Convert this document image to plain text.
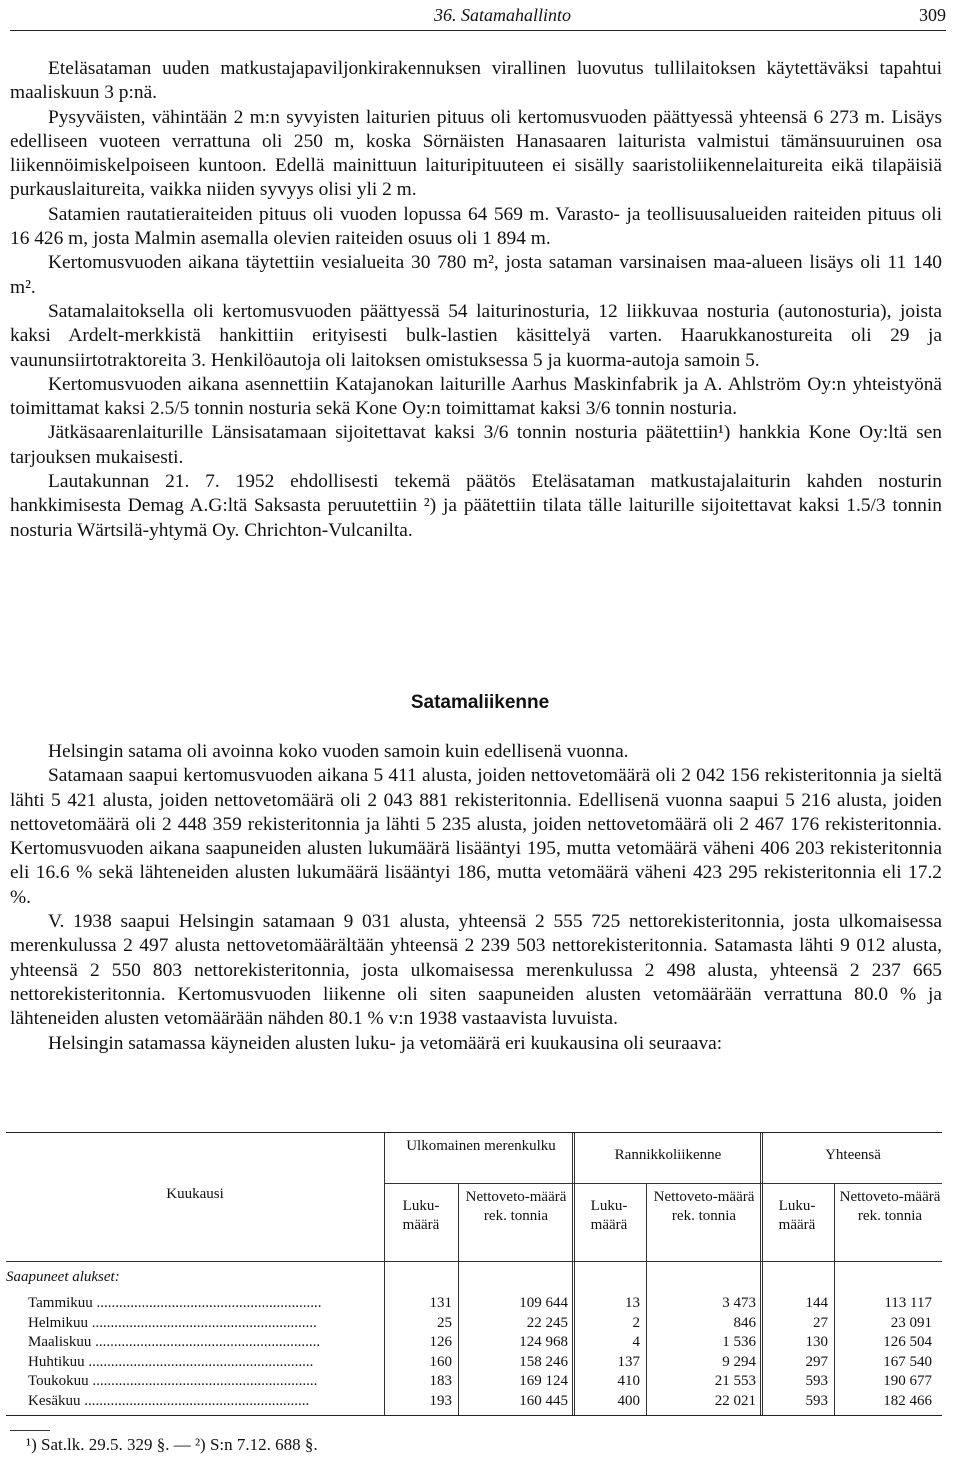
36. Satamahallinto	309

Eteläsataman uuden matkustajapaviljonkirakennuksen virallinen luovutus tullilaitoksen käytettäväksi tapahtui maaliskuun 3 p:nä.

Pysyväisten, vähintään 2 m:n syvyisten laiturien pituus oli kertomusvuoden päättyessä yhteensä 6 273 m. Lisäys edelliseen vuoteen verrattuna oli 250 m, koska Sörnäisten Hanasaaren laiturista valmistui tämänsuuruinen osa liikennöimiskelpoiseen kuntoon. Edellä mainittuun laituripituuteen ei sisälly saaristoliikennelaitureita eikä tilapäisiä purkauslaitureita, vaikka niiden syvyys olisi yli 2 m.

Satamien rautatieraiteiden pituus oli vuoden lopussa 64 569 m. Varasto- ja teollisuusalueiden raiteiden pituus oli 16 426 m, josta Malmin asemalla olevien raiteiden osuus oli 1 894 m.

Kertomusvuoden aikana täytettiin vesialueita 30 780 m², josta sataman varsinaisen maa-alueen lisäys oli 11 140 m².

Satamalaitoksella oli kertomusvuoden päättyessä 54 laiturinosturia, 12 liikkuvaa nosturia (autonosturia), joista kaksi Ardelt-merkkistä hankittiin erityisesti bulk-lastien käsittelyä varten. Haarukkanostureita oli 29 ja vaununsiirtotraktoreita 3. Henkilöautoja oli laitoksen omistuksessa 5 ja kuorma-autoja samoin 5.

Kertomusvuoden aikana asennettiin Katajanokan laiturille Aarhus Maskinfabrik ja A. Ahlström Oy:n yhteistyönä toimittamat kaksi 2.5/5 tonnin nosturia sekä Kone Oy:n toimittamat kaksi 3/6 tonnin nosturia.

Jätkäsaarenlaiturille Länsisatamaan sijoitettavat kaksi 3/6 tonnin nosturia päätettiin¹) hankkia Kone Oy:ltä sen tarjouksen mukaisesti.

Lautakunnan 21. 7. 1952 ehdollisesti tekemä päätös Eteläsataman matkustajalaiturin kahden nosturin hankkimisesta Demag A.G:ltä Saksasta peruutettiin ²) ja päätettiin tilata tälle laiturille sijoitettavat kaksi 1.5/3 tonnin nosturia Wärtsilä-yhtymä Oy. Chrichton-Vulcanilta.

Satamaliikenne

Helsingin satama oli avoinna koko vuoden samoin kuin edellisenä vuonna.

Satamaan saapui kertomusvuoden aikana 5 411 alusta, joiden nettovetomäärä oli 2 042 156 rekisteritonnia ja sieltä lähti 5 421 alusta, joiden nettovetomäärä oli 2 043 881 rekisteritonnia. Edellisenä vuonna saapui 5 216 alusta, joiden nettovetomäärä oli 2 448 359 rekisteritonnia ja lähti 5 235 alusta, joiden nettovetomäärä oli 2 467 176 rekisteritonnia. Kertomusvuoden aikana saapuneiden alusten lukumäärä lisääntyi 195, mutta vetomäärä väheni 406 203 rekisteritonnia eli 16.6 % sekä lähteneiden alusten lukumäärä lisääntyi 186, mutta vetomäärä väheni 423 295 rekisteritonnia eli 17.2 %.

V. 1938 saapui Helsingin satamaan 9 031 alusta, yhteensä 2 555 725 nettorekisteritonnia, josta ulkomaisessa merenkulussa 2 497 alusta nettovetomäärältään yhteensä 2 239 503 nettorekisteritonnia. Satamasta lähti 9 012 alusta, yhteensä 2 550 803 nettorekisteritonnia, josta ulkomaisessa merenkulussa 2 498 alusta, yhteensä 2 237 665 nettorekisteritonnia. Kertomusvuoden liikenne oli siten saapuneiden alusten vetomäärään verrattuna 80.0 % ja lähteneiden alusten vetomäärään nähden 80.1 % v:n 1938 vastaavista luvuista.

Helsingin satamassa käyneiden alusten luku- ja vetomäärä eri kuukausina oli seuraava:

Kuukausi
Ulkomainen merenkulku
Rannikkoliikenne	Yhteensä
Luku-määrä
Nettoveto-määrä rek. tonnia
Luku-määrä
Nettoveto-määrä rek. tonnia
Luku-määrä
Nettoveto-määrä rek. tonnia
Saapuneet alukset:
Tammikuu ............................................................	131	109 644	13	3 473	144	113 117
Helmikuu ............................................................	25	22 245	2	846	27	23 091
Maaliskuu ............................................................	126	124 968	4	1 536	130	126 504
Huhtikuu ............................................................	160	158 246	137	9 294	297	167 540
Toukokuu ............................................................	183	169 124	410	21 553	593	190 677
Kesäkuu ............................................................	193	160 445	400	22 021	593	182 466
¹) Sat.lk. 29.5. 329 §. — ²) S:n 7.12. 688 §.
